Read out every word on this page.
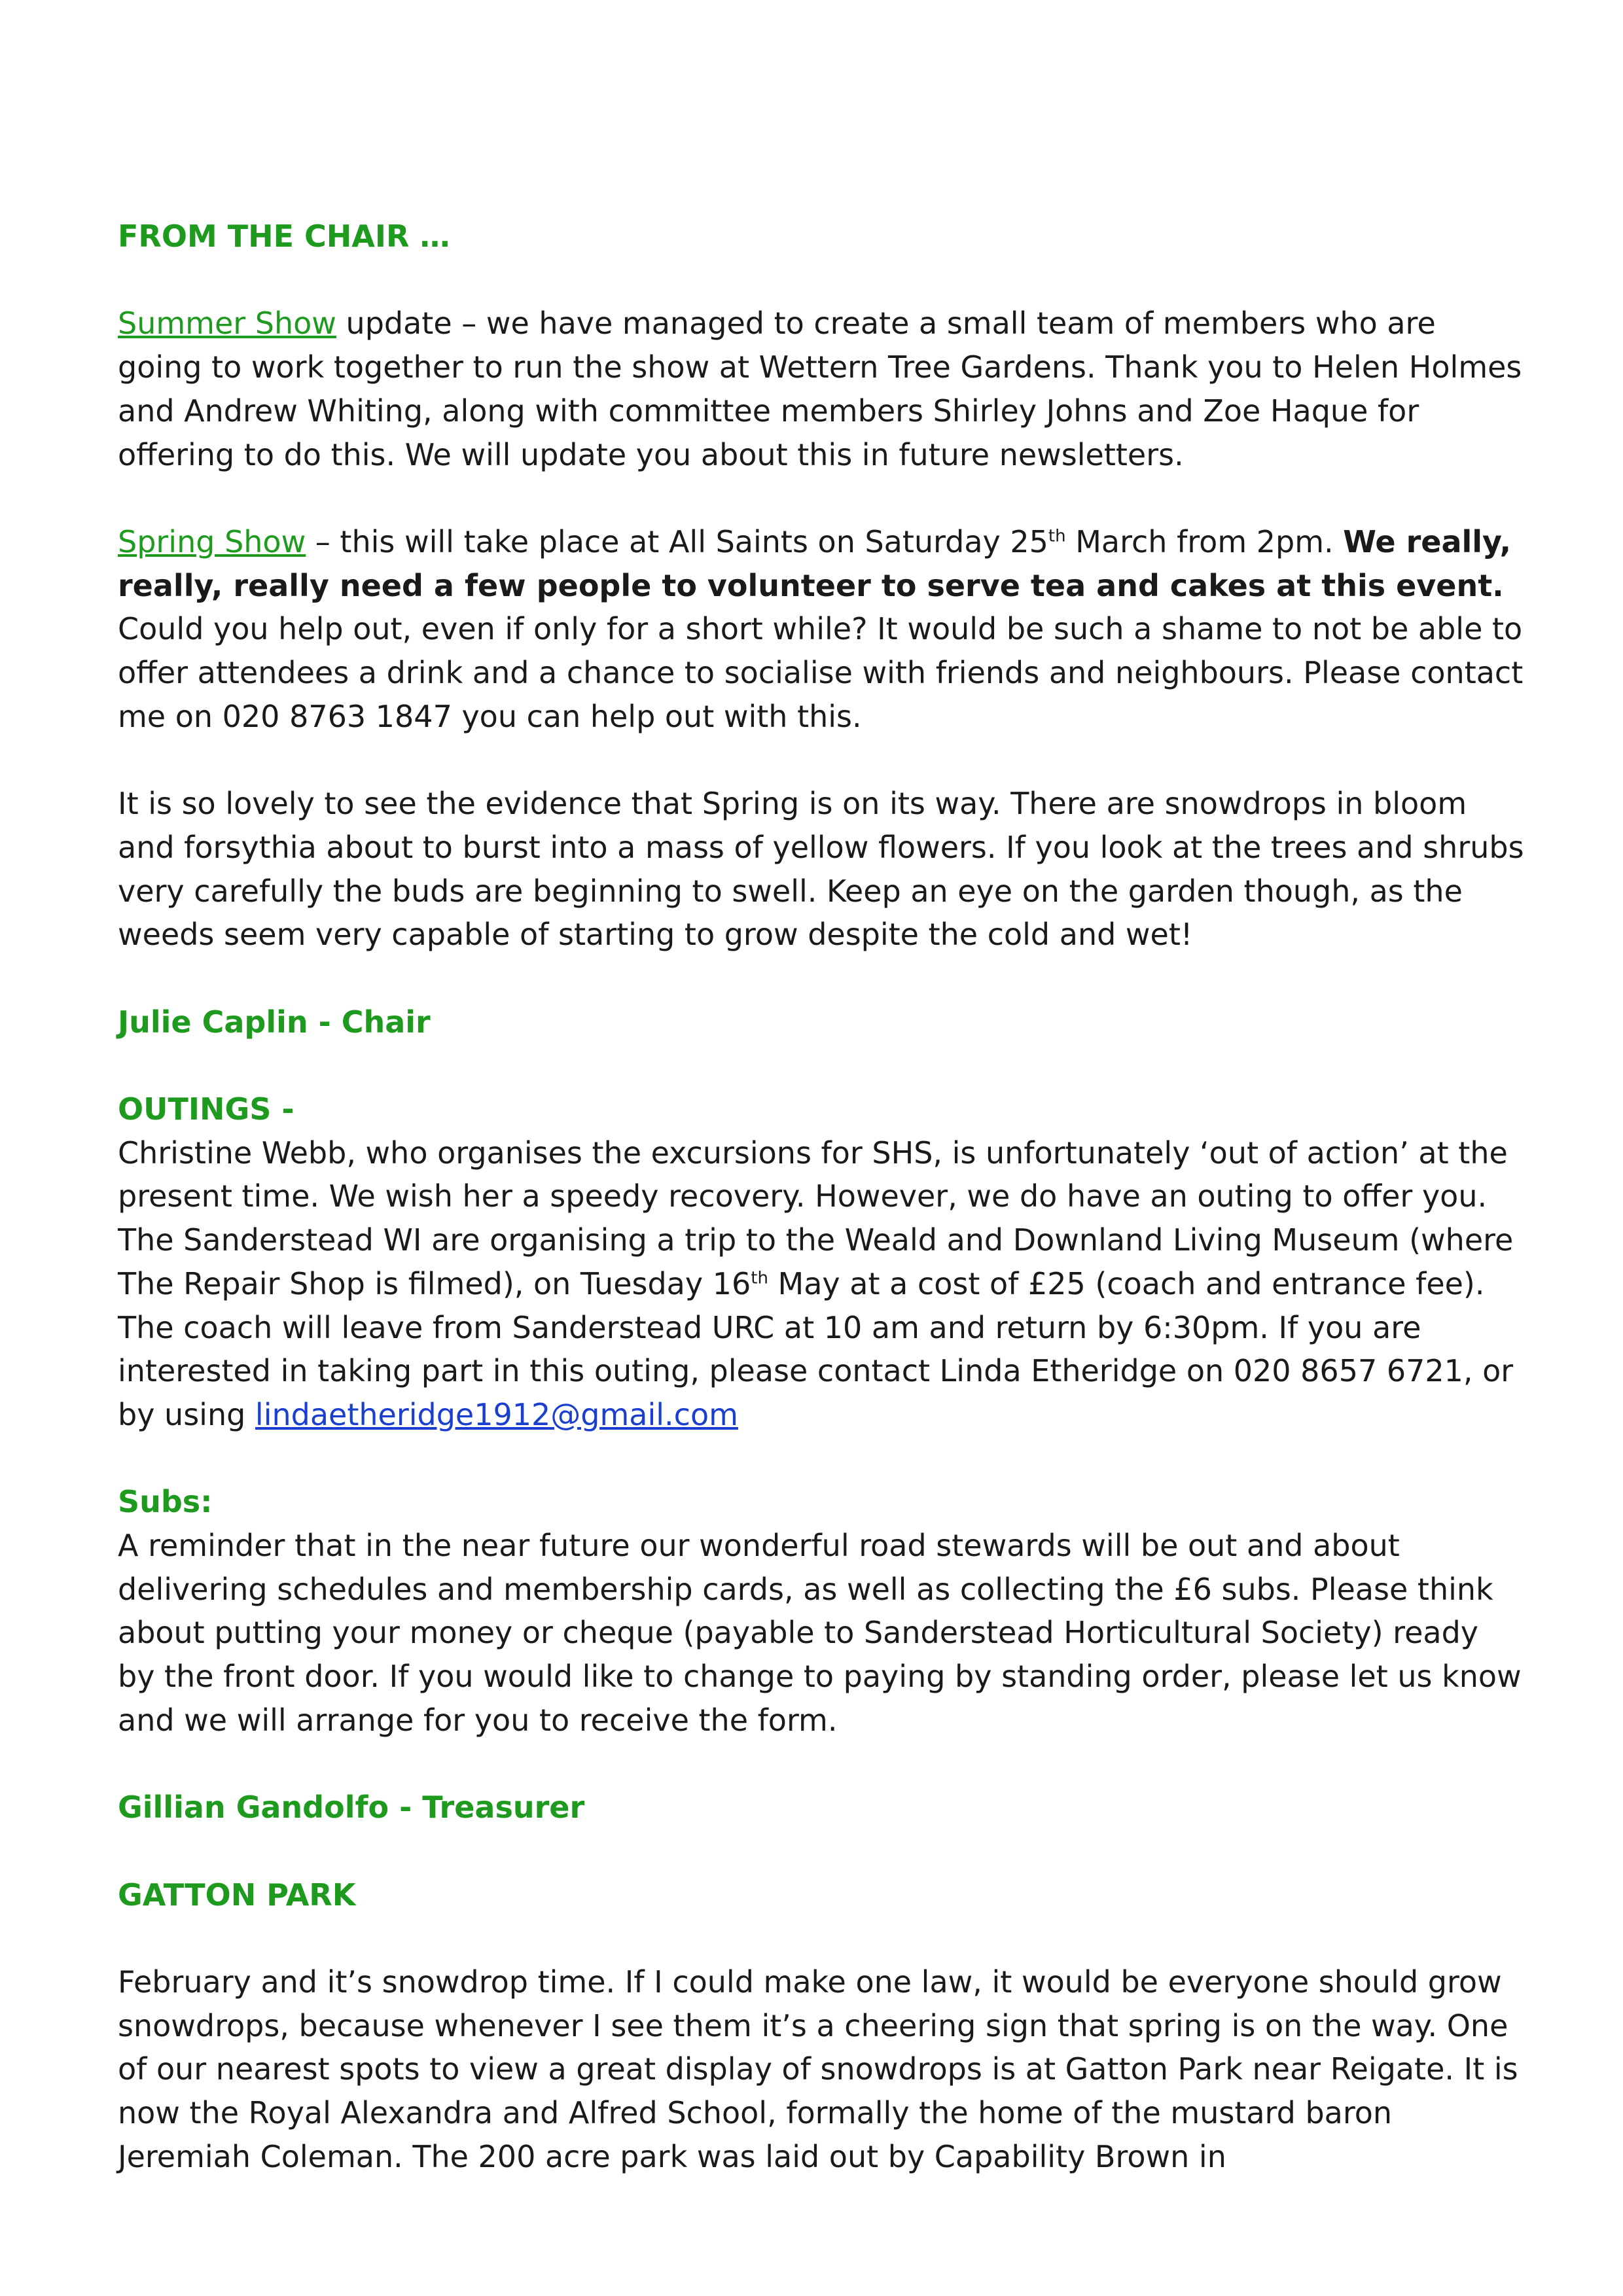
FROM THE CHAIR …

Summer Show update – we have managed to create a small team of members who are going to work together to run the show at Wettern Tree Gardens. Thank you to Helen Holmes and Andrew Whiting, along with committee members Shirley Johns and Zoe Haque for offering to do this. We will update you about this in future newsletters.

Spring Show – this will take place at All Saints on Saturday 25th March from 2pm. We really, really, really need a few people to volunteer to serve tea and cakes at this event. Could you help out, even if only for a short while? It would be such a shame to not be able to offer attendees a drink and a chance to socialise with friends and neighbours. Please contact me on 020 8763 1847 you can help out with this.

It is so lovely to see the evidence that Spring is on its way. There are snowdrops in bloom and forsythia about to burst into a mass of yellow flowers. If you look at the trees and shrubs very carefully the buds are beginning to swell. Keep an eye on the garden though, as the weeds seem very capable of starting to grow despite the cold and wet!

Julie Caplin - Chair

OUTINGS -

Christine Webb, who organises the excursions for SHS, is unfortunately ‘out of action’ at the present time. We wish her a speedy recovery. However, we do have an outing to offer you. The Sanderstead WI are organising a trip to the Weald and Downland Living Museum (where The Repair Shop is filmed), on Tuesday 16th May at a cost of £25 (coach and entrance fee). The coach will leave from Sanderstead URC at 10 am and return by 6:30pm. If you are interested in taking part in this outing, please contact Linda Etheridge on 020 8657 6721, or by using lindaetheridge1912@gmail.com

Subs:

A reminder that in the near future our wonderful road stewards will be out and about delivering schedules and membership cards, as well as collecting the £6 subs. Please think about putting your money or cheque (payable to Sanderstead Horticultural Society) ready by the front door. If you would like to change to paying by standing order, please let us know and we will arrange for you to receive the form.

Gillian Gandolfo - Treasurer

GATTON PARK

February and it’s snowdrop time. If I could make one law, it would be everyone should grow snowdrops, because whenever I see them it’s a cheering sign that spring is on the way. One of our nearest spots to view a great display of snowdrops is at Gatton Park near Reigate. It is now the Royal Alexandra and Alfred School, formally the home of the mustard baron Jeremiah Coleman. The 200 acre park was laid out by Capability Brown in
